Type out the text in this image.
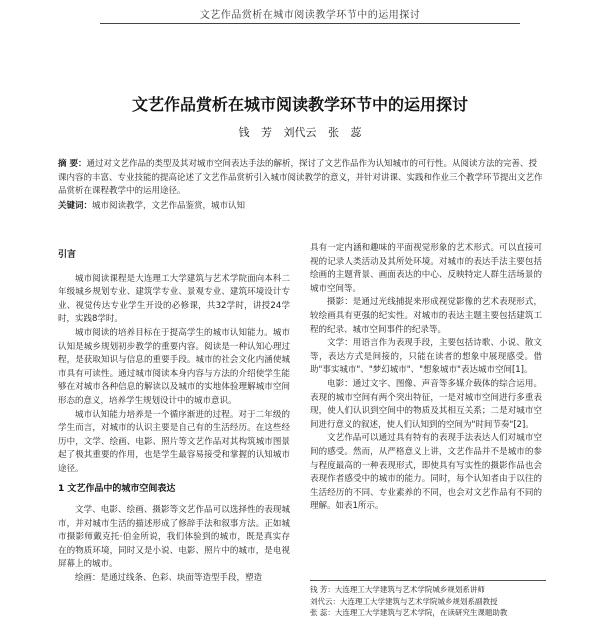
文艺作品赏析在城市阅读教学环节中的运用探讨
文艺作品赏析在城市阅读教学环节中的运用探讨
钱 芳 刘代云 张 蕊
摘 要：通过对文艺作品的类型及其对城市空间表达手法的解析，探讨了文艺作品作为认知城市的可行性。从阅读方法的完善、授课内容的丰富、专业技能的提高论述了文艺作品赏析引入城市阅读教学的意义，并针对讲课、实践和作业三个教学环节提出文艺作品赏析在课程教学中的运用途径。
关键词：城市阅读教学，文艺作品鉴赏，城市认知
引言

城市阅读课程是大连理工大学建筑与艺术学院面向本科二年级城乡规划专业、建筑学专业、景观专业、建筑环境设计专业、视觉传达专业学生开设的必修课，共32学时，讲授24学时，实践8学时。

城市阅读的培养目标在于提高学生的城市认知能力。城市认知是城乡规划初步教学的重要内容。阅读是一种认知心理过程，是获取知识与信息的重要手段。城市的社会文化内涵使城市具有可读性。通过城市阅读本身内容与方法的介绍使学生能够在对城市各种信息的解读以及城市的实地体验理解城市空间形态的意义，培养学生规划设计中的城市意识。

城市认知能力培养是一个循序渐进的过程。对于二年级的学生而言，对城市的认识主要是自己有的生活经历。在这些经历中，文学、绘画、电影、照片等文艺作品对其构筑城市图景起了极其重要的作用，也是学生最容易接受和掌握的认知城市途径。

1 文艺作品中的城市空间表达

文学、电影、绘画、摄影等文艺作品可以选择性的表现城市，并对城市生活的描述形成了修辞手法和叙事方法。正如城市摄影师戴克托·伯金所说，我们体验到的城市，既是真实存在的物质环境，同时又是小说、电影、照片中的城市，是电视屏幕上的城市。

绘画：是通过线条、色彩、块面等造型手段，塑造

具有一定内涵和趣味的平面视觉形象的艺术形式。可以直接可视的记录人类活动及其所处环境。对城市的表达手法主要包括绘画的主题背景、画面表达的中心、反映特定人群生活场景的城市空间等。

摄影：是通过光线捕捉来形成视觉影像的艺术表现形式，较绘画具有更强的纪实性。对城市的表达主题主要包括建筑工程的纪录、城市空间事件的纪录等。

文学：用语言作为表现手段，主要包括诗歌、小说、散文等，表达方式是间接的，只能在读者的想象中展现感受。借助"事实城市"、"梦幻城市"、"想象城市"表达城市空间[1]。

电影：通过文字、图像、声音等多媒介载体的综合运用。表现的城市空间有两个突出特征，一是对城市空间进行多重表现，使人们认识到空间中的物质及其相互关系；二是对城市空间进行意义的叙述，使人们认知到的空间为"时间节奏"[2]。

文艺作品可以通过具有特有的表现手法表达人们对城市空间的感受。然而，从严格意义上讲，文艺作品并不是城市的参与程度最高的一种表现形式，即使具有写实性的摄影作品也会表现作者感受中的城市的能力。同时，每个认知者由于以往的生活经历的不同、专业素养的不同，也会对文艺作品有不同的理解。如表1所示。

钱 芳：大连理工大学建筑与艺术学院城乡规划系讲师
刘代云：大连理工大学建筑与艺术学院城乡规划系副教授
张 蕊：大连理工大学建筑与艺术学院，在读研究生课题助教
